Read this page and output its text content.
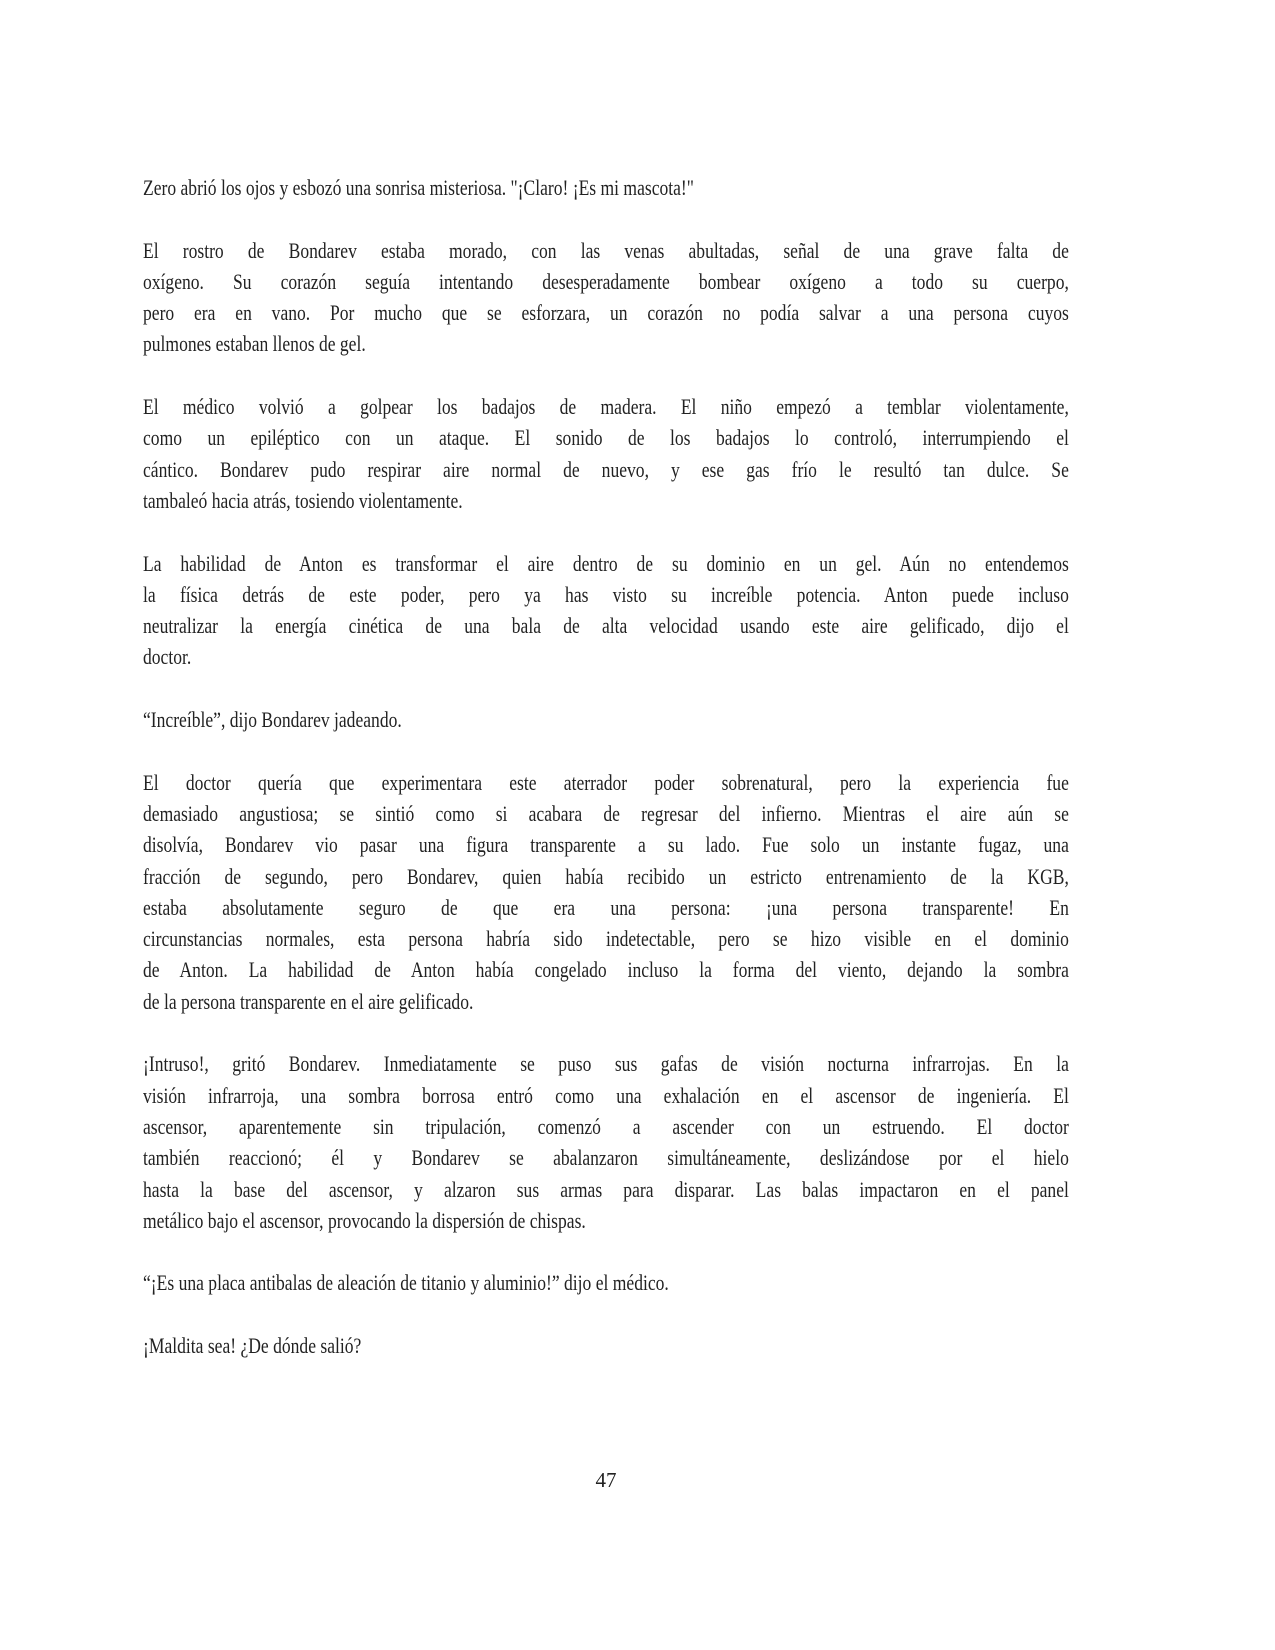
Zero abrió los ojos y esbozó una sonrisa misteriosa. "¡Claro! ¡Es mi mascota!"

El rostro de Bondarev estaba morado, con las venas abultadas, señal de una grave falta de
oxígeno. Su corazón seguía intentando desesperadamente bombear oxígeno a todo su cuerpo,
pero era en vano. Por mucho que se esforzara, un corazón no podía salvar a una persona cuyos
pulmones estaban llenos de gel.

El médico volvió a golpear los badajos de madera. El niño empezó a temblar violentamente,
como un epiléptico con un ataque. El sonido de los badajos lo controló, interrumpiendo el
cántico. Bondarev pudo respirar aire normal de nuevo, y ese gas frío le resultó tan dulce. Se
tambaleó hacia atrás, tosiendo violentamente.

La habilidad de Anton es transformar el aire dentro de su dominio en un gel. Aún no entendemos
la física detrás de este poder, pero ya has visto su increíble potencia. Anton puede incluso
neutralizar la energía cinética de una bala de alta velocidad usando este aire gelificado, dijo el
doctor.

“Increíble”, dijo Bondarev jadeando.

El doctor quería que experimentara este aterrador poder sobrenatural, pero la experiencia fue
demasiado angustiosa; se sintió como si acabara de regresar del infierno. Mientras el aire aún se
disolvía, Bondarev vio pasar una figura transparente a su lado. Fue solo un instante fugaz, una
fracción de segundo, pero Bondarev, quien había recibido un estricto entrenamiento de la KGB,
estaba absolutamente seguro de que era una persona: ¡una persona transparente! En
circunstancias normales, esta persona habría sido indetectable, pero se hizo visible en el dominio
de Anton. La habilidad de Anton había congelado incluso la forma del viento, dejando la sombra
de la persona transparente en el aire gelificado.

¡Intruso!, gritó Bondarev. Inmediatamente se puso sus gafas de visión nocturna infrarrojas. En la
visión infrarroja, una sombra borrosa entró como una exhalación en el ascensor de ingeniería. El
ascensor, aparentemente sin tripulación, comenzó a ascender con un estruendo. El doctor
también reaccionó; él y Bondarev se abalanzaron simultáneamente, deslizándose por el hielo
hasta la base del ascensor, y alzaron sus armas para disparar. Las balas impactaron en el panel
metálico bajo el ascensor, provocando la dispersión de chispas.

“¡Es una placa antibalas de aleación de titanio y aluminio!” dijo el médico.

¡Maldita sea! ¿De dónde salió?

47
